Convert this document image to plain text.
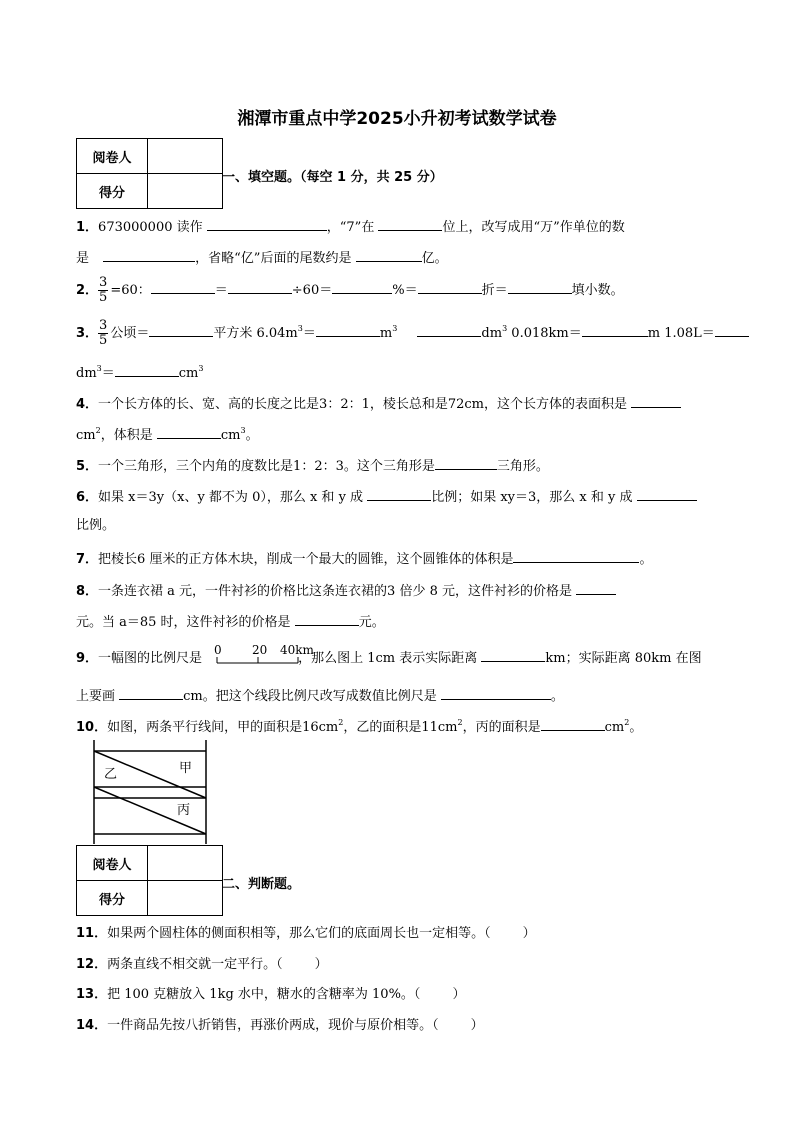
湘潭市重点中学2025小升初考试数学试卷
阅卷人	
得分	
一、填空题。（每空 1 分，共 25 分）
1．673000000 读作	，“7”在	位上，改写成用“万”作单位的数
是	，省略“亿”后面的尾数约是	亿。
2． $\frac{3}{5} =60$：	＝	÷60＝	%＝	折＝	填小数。
3． $\frac{3}{5}$ 公顷＝	平方米 $6.04m^3=$	$m^3$	$dm^3$ 0.018km＝	m 1.08L＝
$dm^3=$	$cm^3$
4．一个长方体的长、宽、高的长度之比是3：2：1，棱长总和是72cm，这个长方体的表面积是
$cm^2$，体积是	$cm^3$。
5．一个三角形，三个内角的度数比是1：2：3。这个三角形是	三角形。
6．如果 x＝3y（x、y 都不为 0），那么 x 和 y 成	比例；如果 xy＝3，那么 x 和 y 成
比例。
7．把棱长6 厘米的正方体木块，削成一个最大的圆锥，这个圆锥体的体积是	。
8．一条连衣裙 a 元，一件衬衫的价格比这条连衣裙的3 倍少 8 元，这件衬衫的价格是
元。当 a＝85 时，这件衬衫的价格是	元。
9．一幅图的比例尺是	，那么图上 1cm 表示实际距离	km；实际距离 80km 在图
0	20 40km
上要画	cm。把这个线段比例尺改写成数值比例尺是	。
10．如图，两条平行线间，甲的面积是$16cm^2$，乙的面积是$11cm^2$，丙的面积是	$cm^2$。
乙	甲
丙
阅卷人	
得分	
二、判断题。
11．如果两个圆柱体的侧面积相等，那么它们的底面周长也一定相等。（ ）
12．两条直线不相交就一定平行。（ ）
13．把 100 克糖放入 1kg 水中，糖水的含糖率为 10%。（ ）
14．一件商品先按八折销售，再涨价两成，现价与原价相等。（ ）
